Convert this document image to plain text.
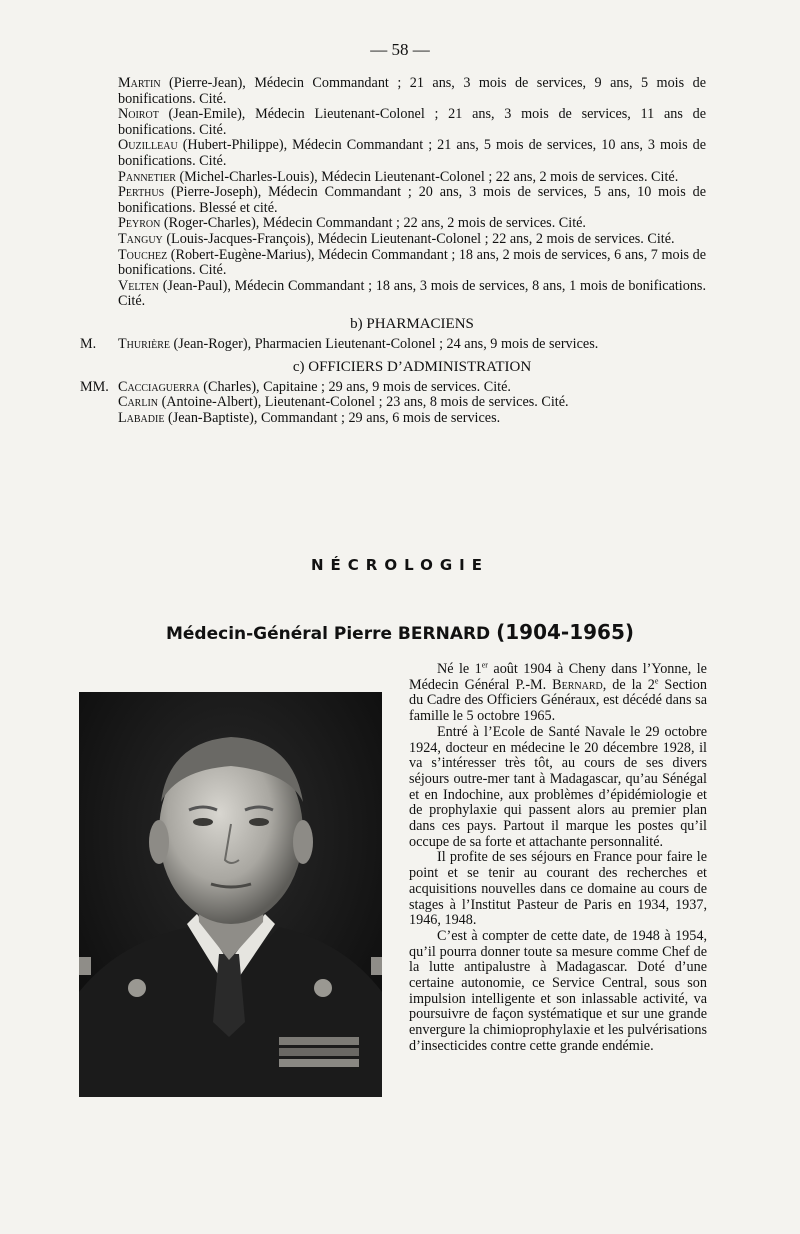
— 58 —
Martin (Pierre-Jean), Médecin Commandant ; 21 ans, 3 mois de services, 9 ans, 5 mois de bonifications. Cité.
Noirot (Jean-Emile), Médecin Lieutenant-Colonel ; 21 ans, 3 mois de services, 11 ans de bonifications. Cité.
Ouzilleau (Hubert-Philippe), Médecin Commandant ; 21 ans, 5 mois de services, 10 ans, 3 mois de bonifications. Cité.
Pannetier (Michel-Charles-Louis), Médecin Lieutenant-Colonel ; 22 ans, 2 mois de services. Cité.
Perthus (Pierre-Joseph), Médecin Commandant ; 20 ans, 3 mois de services, 5 ans, 10 mois de bonifications. Blessé et cité.
Peyron (Roger-Charles), Médecin Commandant ; 22 ans, 2 mois de services. Cité.
Tanguy (Louis-Jacques-François), Médecin Lieutenant-Colonel ; 22 ans, 2 mois de services. Cité.
Touchez (Robert-Eugène-Marius), Médecin Commandant ; 18 ans, 2 mois de services, 6 ans, 7 mois de bonifications. Cité.
Velten (Jean-Paul), Médecin Commandant ; 18 ans, 3 mois de services, 8 ans, 1 mois de bonifications. Cité.
b) PHARMACIENS
M. Thurière (Jean-Roger), Pharmacien Lieutenant-Colonel ; 24 ans, 9 mois de services.
c) OFFICIERS D’ADMINISTRATION
MM. Cacciaguerra (Charles), Capitaine ; 29 ans, 9 mois de services. Cité.
Carlin (Antoine-Albert), Lieutenant-Colonel ; 23 ans, 8 mois de services. Cité.
Labadie (Jean-Baptiste), Commandant ; 29 ans, 6 mois de services.
NÉCROLOGIE
Médecin-Général Pierre BERNARD (1904-1965)

Né le 1er août 1904 à Cheny dans l’Yonne, le Médecin Général P.-M. Bernard, de la 2e Section du Cadre des Officiers Généraux, est décédé dans sa famille le 5 octobre 1965.

Entré à l’Ecole de Santé Navale le 29 octobre 1924, docteur en médecine le 20 décembre 1928, il va s’intéresser très tôt, au cours de ses divers séjours outre-mer tant à Madagascar, qu’au Sénégal et en Indochine, aux problèmes d’épidémiologie et de prophylaxie qui passent alors au premier plan dans ces pays. Partout il marque les postes qu’il occupe de sa forte et attachante personnalité.

Il profite de ses séjours en France pour faire le point et se tenir au courant des recherches et acquisitions nouvelles dans ce domaine au cours de stages à l’Institut Pasteur de Paris en 1934, 1937, 1946, 1948.

C’est à compter de cette date, de 1948 à 1954, qu’il pourra donner toute sa mesure comme Chef de la lutte antipalustre à Madagascar. Doté d’une certaine autonomie, ce Service Central, sous son impulsion intelligente et son inlassable activité, va poursuivre de façon systématique et sur une grande envergure la chimioprophylaxie et les pulvérisations d’insecticides contre cette grande endémie.
